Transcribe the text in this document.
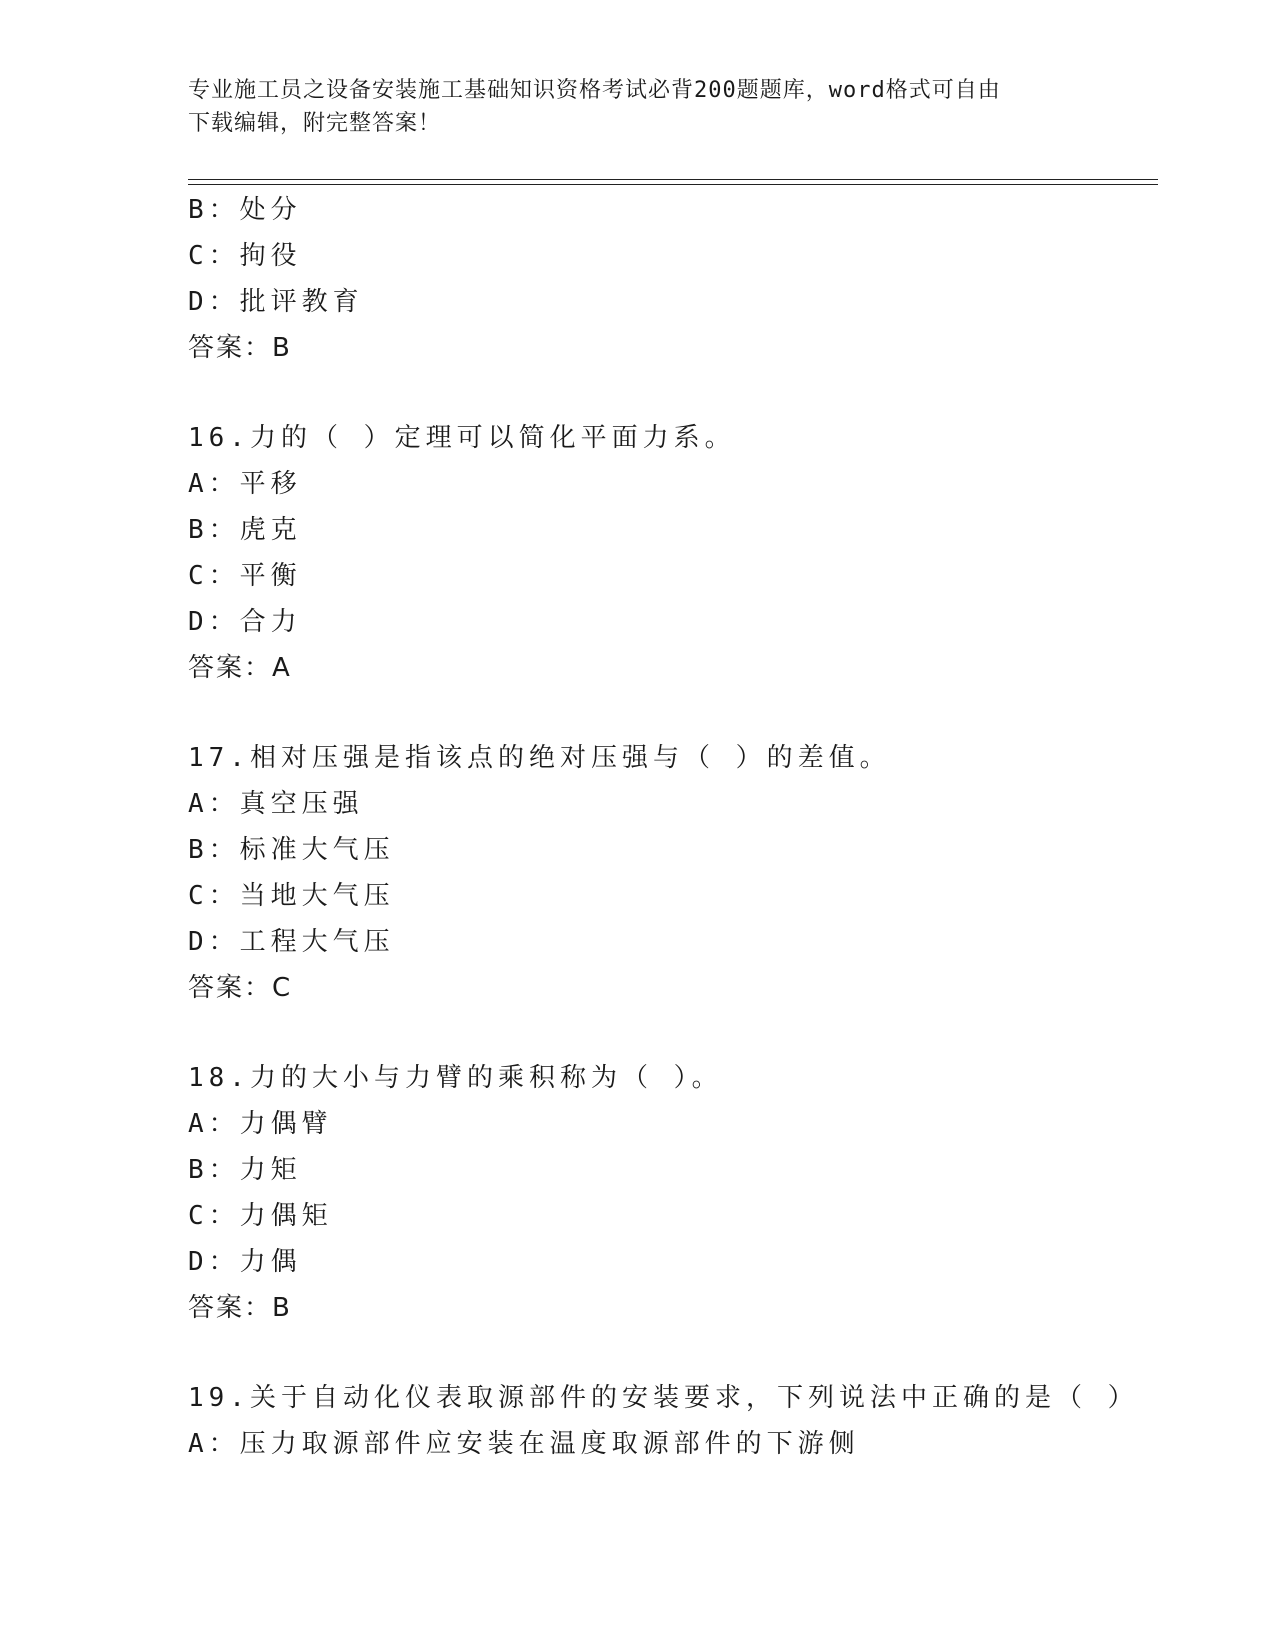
专业施工员之设备安装施工基础知识资格考试必背200题题库，word格式可自由
下载编辑，附完整答案！
B：处分
C：拘役
D：批评教育
答案：B
16.力的（ ）定理可以简化平面力系。
A：平移
B：虎克
C：平衡
D：合力
答案：A
17.相对压强是指该点的绝对压强与（ ）的差值。
A：真空压强
B：标准大气压
C：当地大气压
D：工程大气压
答案：C
18.力的大小与力臂的乘积称为（ ）。
A：力偶臂
B：力矩
C：力偶矩
D：力偶
答案：B
19.关于自动化仪表取源部件的安装要求，下列说法中正确的是（ ）
A：压力取源部件应安装在温度取源部件的下游侧
